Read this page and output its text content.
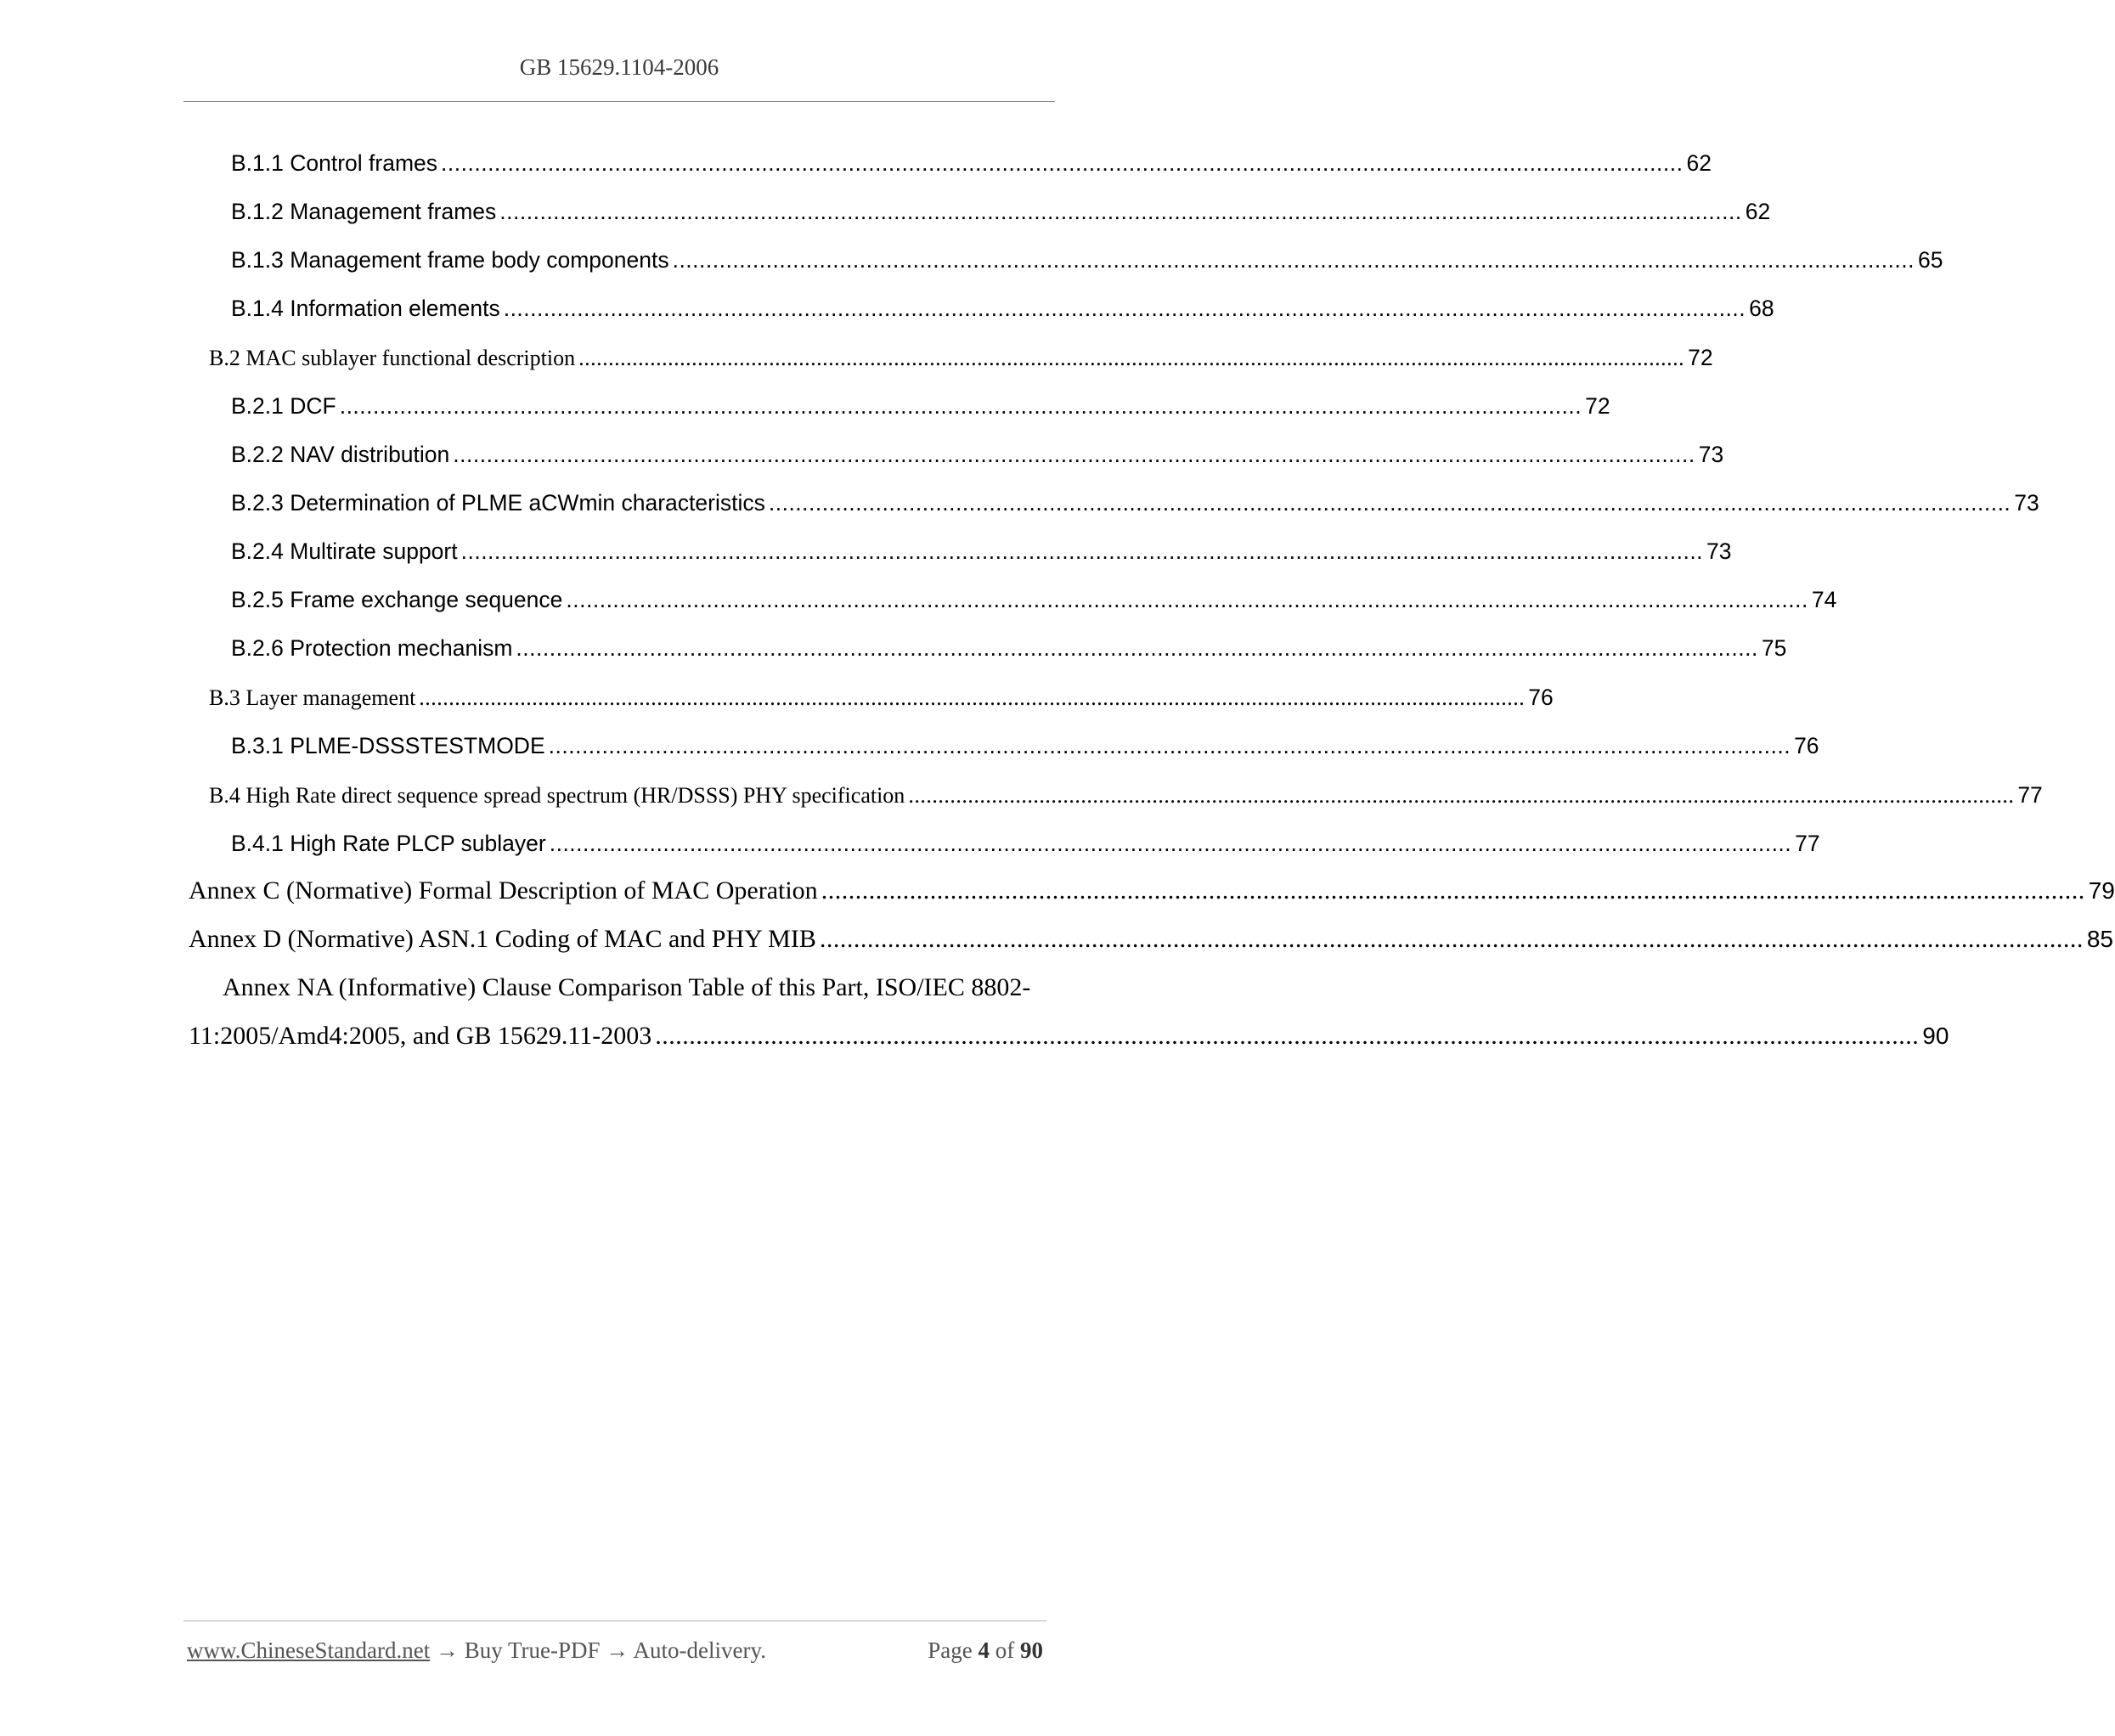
GB 15629.1104-2006
B.1.1 Control frames .......................................................................................................................................................................................... 62
B.1.2 Management frames .......................................................................................................................................................................................... 62
B.1.3 Management frame body components .......................................................................................................................................................................................... 65
B.1.4 Information elements .......................................................................................................................................................................................... 68
B.2 MAC sublayer functional description .......................................................................................................................................................................................... 72
B.2.1 DCF .......................................................................................................................................................................................... 72
B.2.2 NAV distribution .......................................................................................................................................................................................... 73
B.2.3 Determination of PLME aCWmin characteristics .......................................................................................................................................................................................... 73
B.2.4 Multirate support .......................................................................................................................................................................................... 73
B.2.5 Frame exchange sequence .......................................................................................................................................................................................... 74
B.2.6 Protection mechanism .......................................................................................................................................................................................... 75
B.3 Layer management .......................................................................................................................................................................................... 76
B.3.1 PLME-DSSSTESTMODE .......................................................................................................................................................................................... 76
B.4 High Rate direct sequence spread spectrum (HR/DSSS) PHY specification .......................................................................................................................................................................................... 77
B.4.1 High Rate PLCP sublayer .......................................................................................................................................................................................... 77
Annex C (Normative) Formal Description of MAC Operation .......................................................................................................................................................................................... 79
Annex D (Normative) ASN.1 Coding of MAC and PHY MIB .......................................................................................................................................................................................... 85
Annex NA (Informative) Clause Comparison Table of this Part, ISO/IEC 8802-
11:2005/Amd4:2005, and GB 15629.11-2003 .......................................................................................................................................................................................... 90
www.ChineseStandard.net → Buy True-PDF → Auto-delivery.	Page 4 of 90
